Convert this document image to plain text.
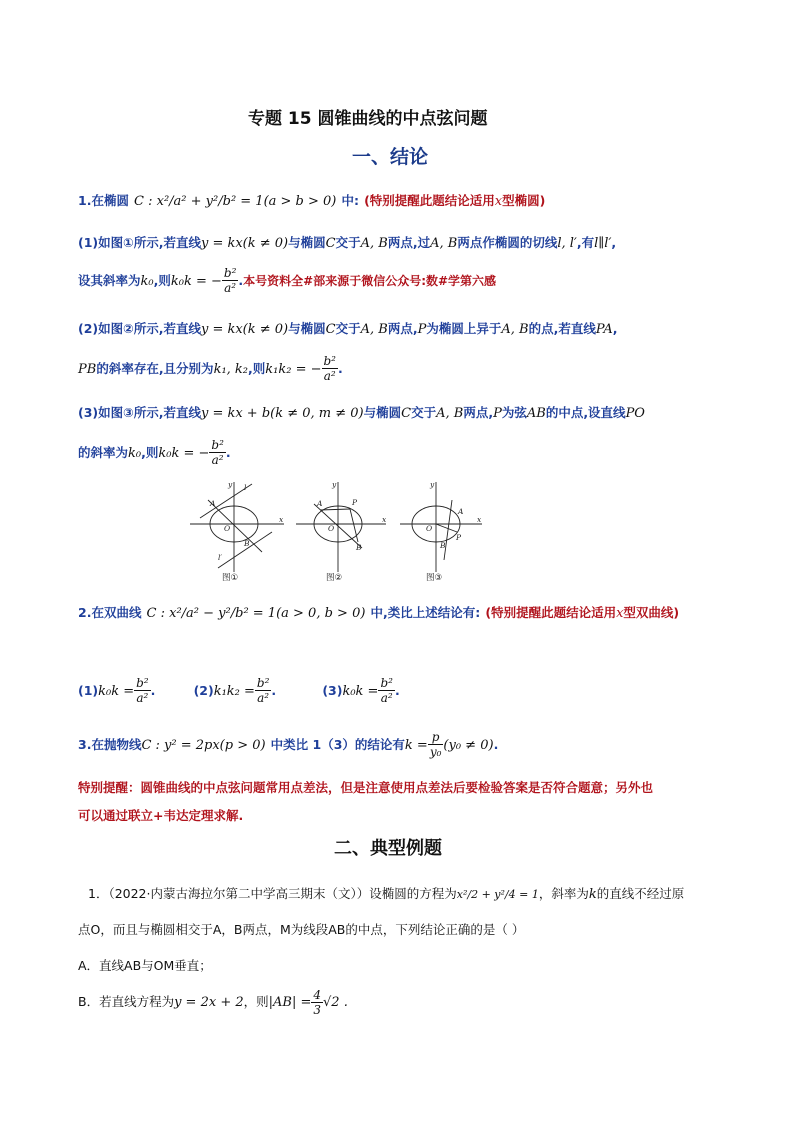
专题 15 圆锥曲线的中点弦问题
一、结论
1.在椭圆 C : x²/a² + y²/b² = 1(a > b > 0) 中: (特别提醒此题结论适用x型椭圆)
(1)如图①所示,若直线y = kx(k ≠ 0)与椭圆C交于A, B两点,过A, B两点作椭圆的切线l, l′,有l∥l′,
设其斜率为k₀,则k₀k = − $\frac{\text{b²}}{\text{a²}}$ .本号资料全#部来源于微信公众号:数#学第六感
(2)如图②所示,若直线y = kx(k ≠ 0)与椭圆C交于A, B两点,P为椭圆上异于A, B的点,若直线PA,
PB的斜率存在,且分别为k₁, k₂,则k₁k₂ = − $\frac{\text{b²}}{\text{a²}}$ .
(3)如图③所示,若直线y = kx + b(k ≠ 0, m ≠ 0)与椭圆C交于A, B两点,P为弦AB的中点,设直线PO
的斜率为k₀,则k₀k = − $\frac{\text{b²}}{\text{a²}}$ .
y
x
O
A
B
l
l′
y
x
O
A	P
B
y
x
O
A
P
B
图①	图②	图③
2.在双曲线 C : x²/a² − y²/b² = 1(a > 0, b > 0) 中,类比上述结论有: (特别提醒此题结论适用x型双曲线)
$(1)k_0k = \frac{\text{b²}}{\text{a²}}$ .	$(2)k_1k_2 = \frac{\text{b²}}{\text{a²}}$ .	$(3)k_0k = \frac{\text{b²}}{\text{a²}}$ .
3.在抛物线C : y² = 2px(p > 0) 中类比 1（3）的结论有$k = \frac{p}{\text{y₀}} (y_0 \ne 0)$.
特别提醒：圆锥曲线的中点弦问题常用点差法，但是注意使用点差法后要检验答案是否符合题意；另外也
可以通过联立+韦达定理求解.
二、典型例题
1．（2022·内蒙古海拉尔第二中学高三期末（文））设椭圆的方程为x²/2 + y²/4 = 1，斜率为k的直线不经过原
点O，而且与椭圆相交于A，B两点，M为线段AB的中点，下列结论正确的是（ ）
A．直线AB与OM垂直；
B．若直线方程为y = 2x + 2，则$|AB| = \frac{4}{3} √2$ .
